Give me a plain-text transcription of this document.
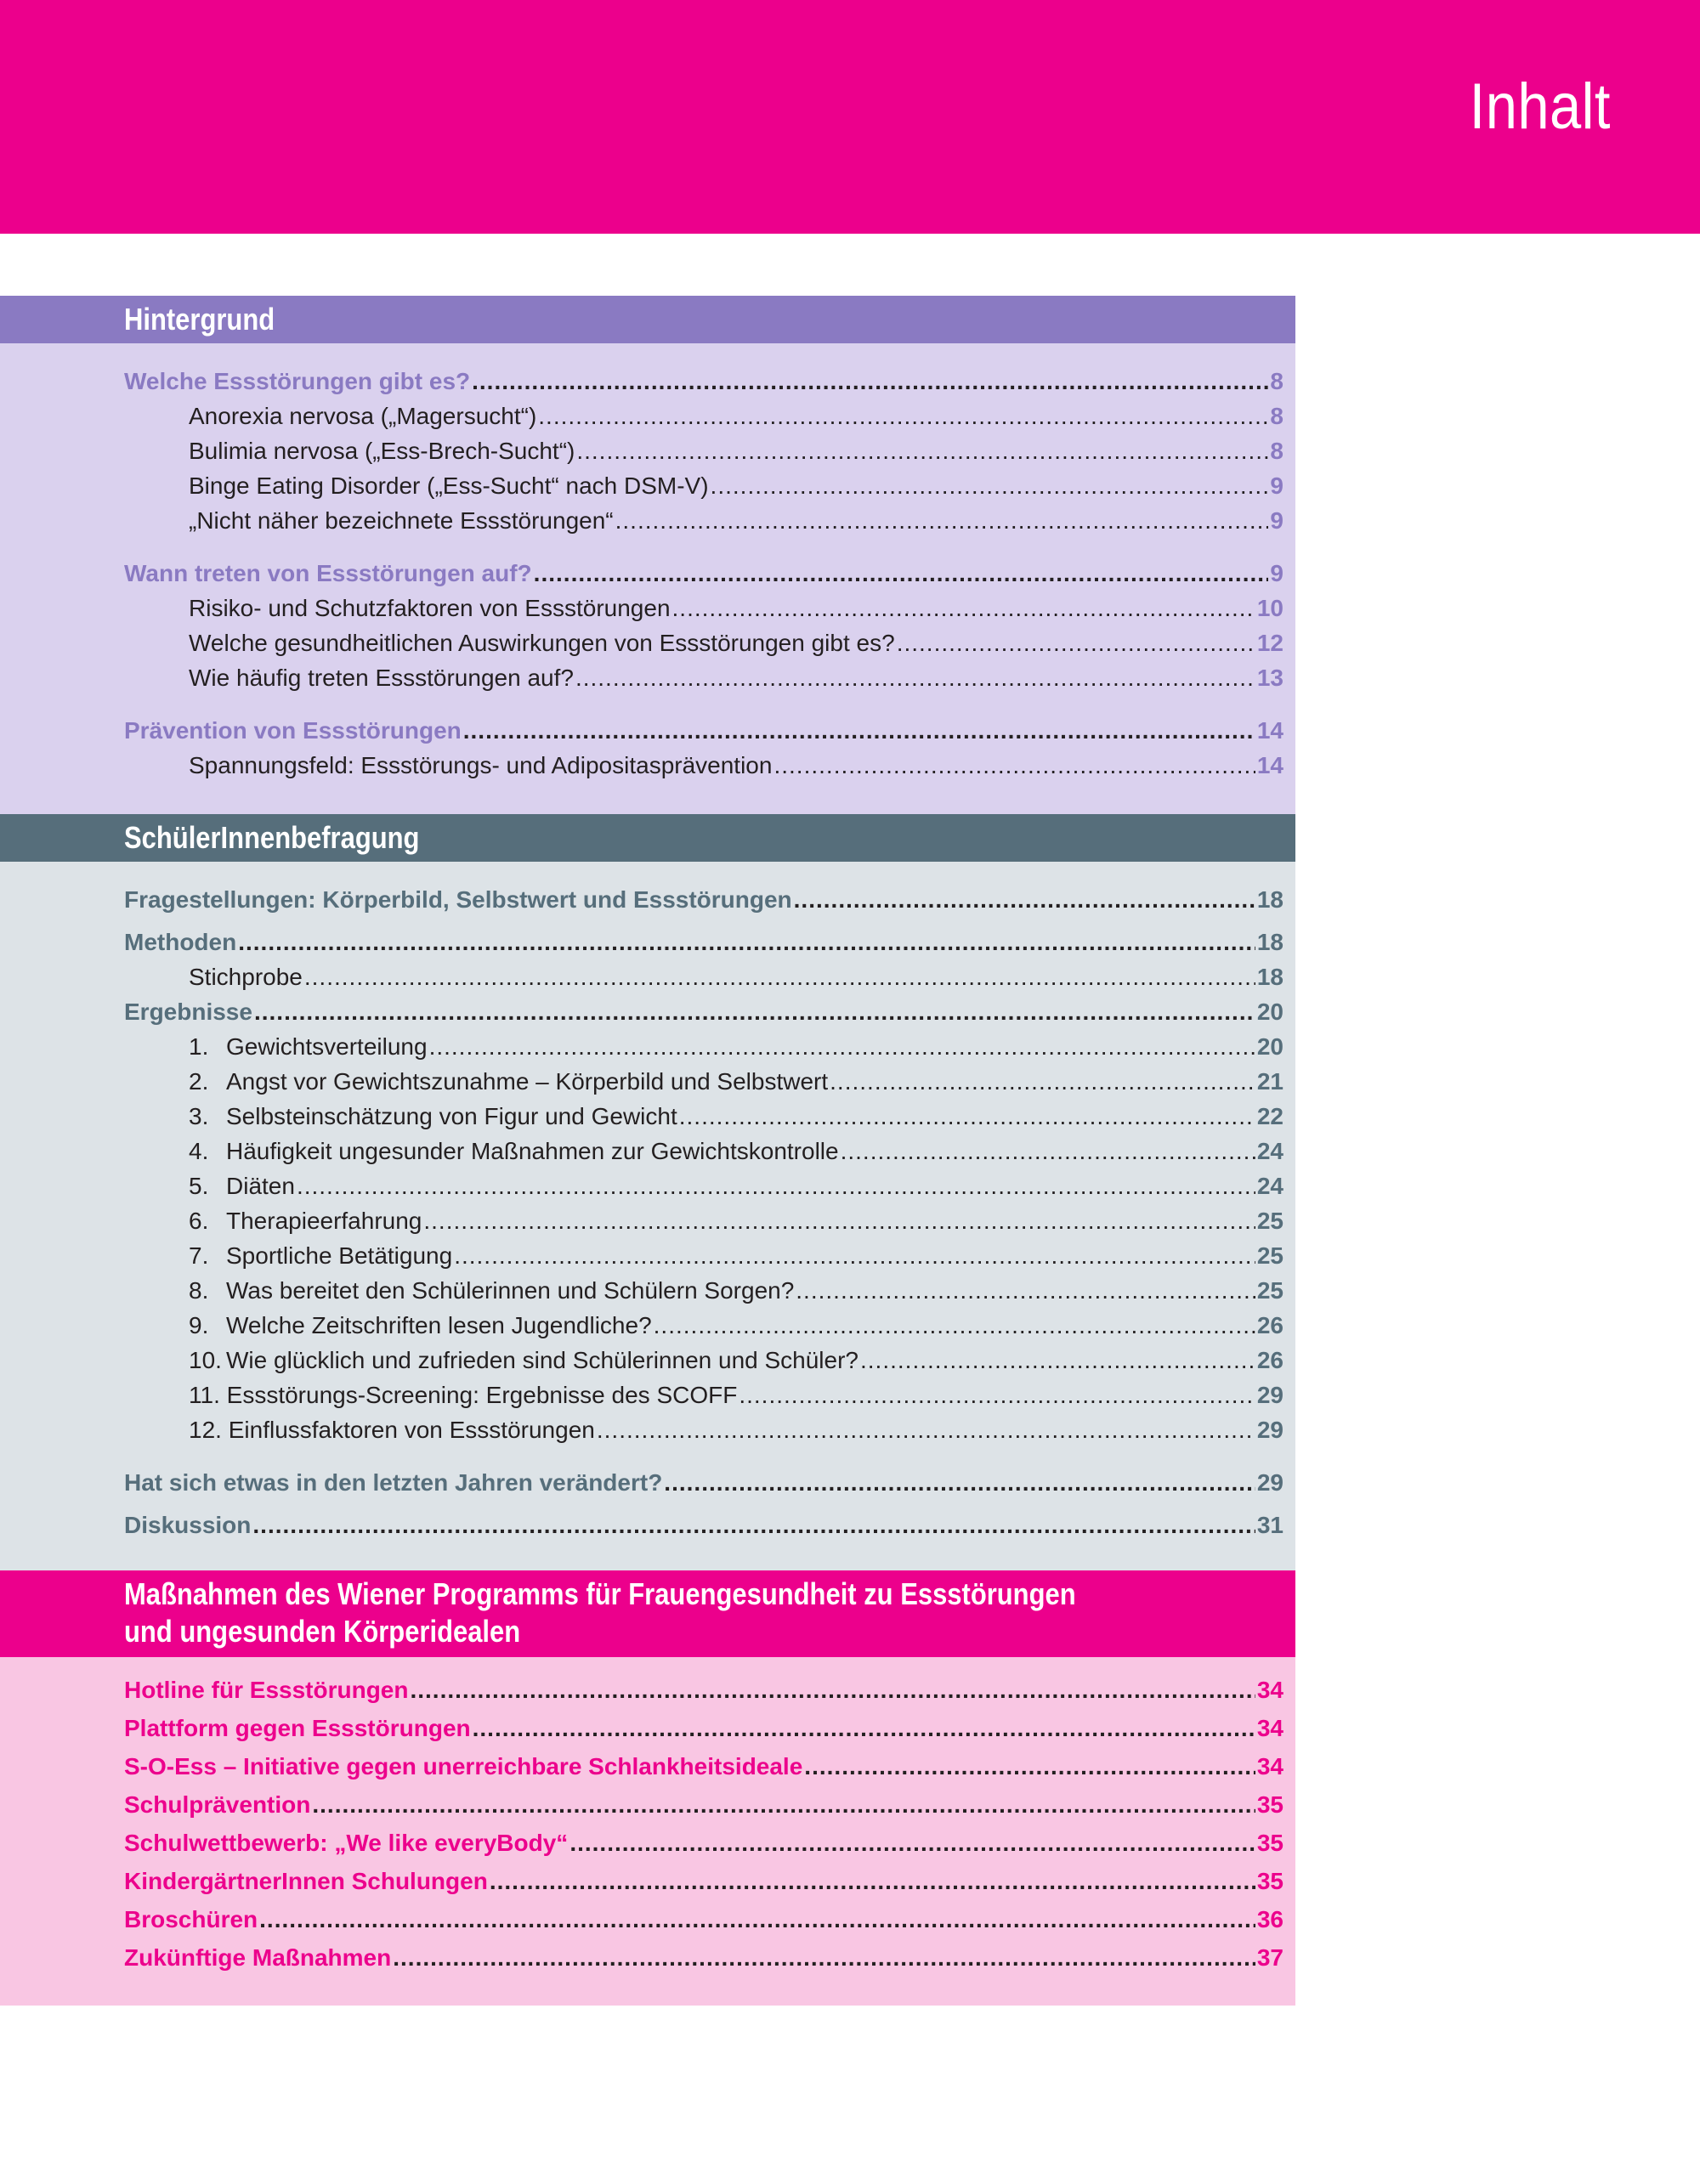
Inhalt
Hintergrund
Welche Essstörungen gibt es? .....	8
Anorexia nervosa („Magersucht“) .....	8
Bulimia nervosa („Ess-Brech-Sucht“) .....	8
Binge Eating Disorder („Ess-Sucht“ nach DSM-V) .....	9
„Nicht näher bezeichnete Essstörungen“ .....	9
Wann treten von Essstörungen auf? .....	9
Risiko- und Schutzfaktoren von Essstörungen .....	10
Welche gesundheitlichen Auswirkungen von Essstörungen gibt es? .....	12
Wie häufig treten Essstörungen auf? .....	13
Prävention von Essstörungen .....	14
Spannungsfeld: Essstörungs- und Adipositasprävention .....	14
SchülerInnenbefragung
Fragestellungen: Körperbild, Selbstwert und Essstörungen .....	18
Methoden .....	18
Stichprobe .....	18
Ergebnisse .....	20
1. Gewichtsverteilung .....	20
2. Angst vor Gewichtszunahme – Körperbild und Selbstwert .....	21
3. Selbsteinschätzung von Figur und Gewicht .....	22
4. Häufigkeit ungesunder Maßnahmen zur Gewichtskontrolle .....	24
5. Diäten .....	24
6. Therapieerfahrung .....	25
7. Sportliche Betätigung .....	25
8. Was bereitet den Schülerinnen und Schülern Sorgen? .....	25
9. Welche Zeitschriften lesen Jugendliche? .....	26
10. Wie glücklich und zufrieden sind Schülerinnen und Schüler? .....	26
11. Essstörungs-Screening: Ergebnisse des SCOFF .....	29
12. Einflussfaktoren von Essstörungen .....	29
Hat sich etwas in den letzten Jahren verändert? .....	29
Diskussion .....	31
Maßnahmen des Wiener Programms für Frauengesundheit zu Essstörungen
und ungesunden Körperidealen
Hotline für Essstörungen .....	34
Plattform gegen Essstörungen .....	34
S-O-Ess – Initiative gegen unerreichbare Schlankheitsideale .....	34
Schulprävention .....	35
Schulwettbewerb: „We like everyBody“ .....	35
KindergärtnerInnen Schulungen .....	35
Broschüren .....	36
Zukünftige Maßnahmen .....	37
